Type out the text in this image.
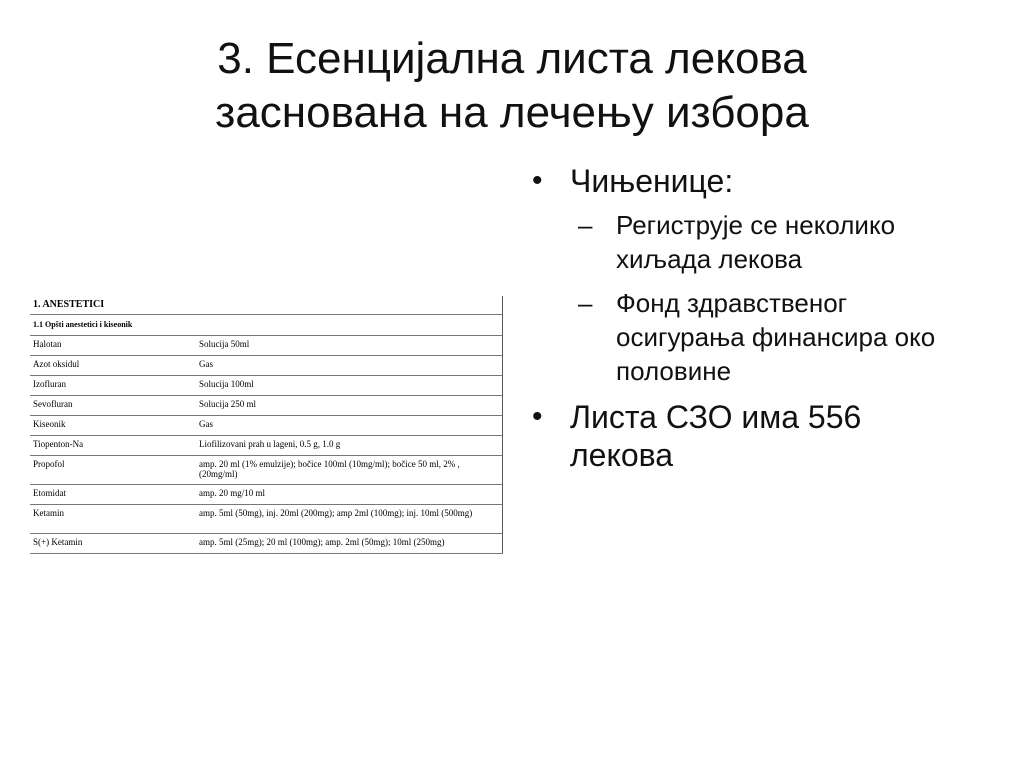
3. Есенцијална листа лекова
заснована на лечењу избора
1. ANESTETICI	
1.1 Opšti anestetici i kiseonik	
Halotan	Solucija 50ml
Azot oksidul	Gas
Izofluran	Solucija 100ml
Sevofluran	Solucija 250 ml
Kiseonik	Gas
Tiopenton-Na	Liofilizovani prah u lageni, 0.5 g, 1.0 g
Propofol	amp. 20 ml (1% emulzije); bočice 100ml (10mg/ml); bočice 50 ml, 2% , (20mg/ml)
Etomidat	amp. 20 mg/10 ml
Ketamin	amp. 5ml (50mg), inj. 20ml (200mg); amp 2ml (100mg); inj. 10ml (500mg)
S(+) Ketamin	amp. 5ml (25mg); 20 ml (100mg); amp. 2ml (50mg); 10ml (250mg)
• Чињенице:
– Региструје се неколико хиљада лекова
– Фонд здравственог осигурања финансира око половине
• Листа СЗО има 556 лекова
